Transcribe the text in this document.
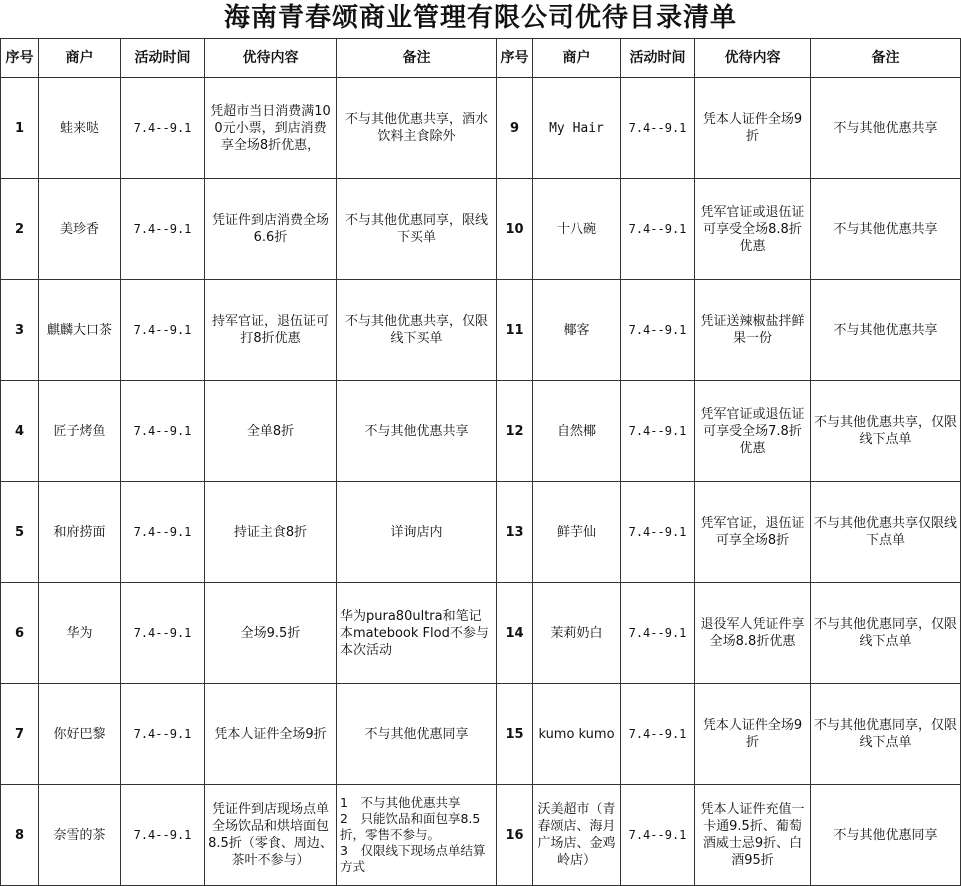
海南青春颂商业管理有限公司优待目录清单
序号	商户	活动时间	优待内容	备注	序号	商户	活动时间	优待内容	备注
1	蛙来哒	7.4--9.1	凭超市当日消费满100元小票，到店消费享全场8折优惠，	不与其他优惠共享，酒水饮料主食除外	9	My Hair	7.4--9.1	凭本人证件全场9折	不与其他优惠共享
2	美珍香	7.4--9.1	凭证件到店消费全场6.6折	不与其他优惠同享，限线下买单	10	十八碗	7.4--9.1	凭军官证或退伍证可享受全场8.8折优惠	不与其他优惠共享
3	麒麟大口茶	7.4--9.1	持军官证，退伍证可打8折优惠	不与其他优惠共享，仅限线下买单	11	椰客	7.4--9.1	凭证送辣椒盐拌鲜果一份	不与其他优惠共享
4	匠子烤鱼	7.4--9.1	全单8折	不与其他优惠共享	12	自然椰	7.4--9.1	凭军官证或退伍证可享受全场7.8折优惠	不与其他优惠共享，仅限线下点单
5	和府捞面	7.4--9.1	持证主食8折	详询店内	13	鲜芋仙	7.4--9.1	凭军官证，退伍证可享全场8折	不与其他优惠共享仅限线下点单
6	华为	7.4--9.1	全场9.5折	华为pura80ultra和笔记本matebook Flod不参与本次活动	14	茉莉奶白	7.4--9.1	退役军人凭证件享全场8.8折优惠	不与其他优惠同享，仅限线下点单
7	你好巴黎	7.4--9.1	凭本人证件全场9折	不与其他优惠同享	15	kumo kumo	7.4--9.1	凭本人证件全场9折	不与其他优惠同享，仅限线下点单
8	奈雪的茶	7.4--9.1	凭证件到店现场点单全场饮品和烘培面包8.5折（零食、周边、茶叶不参与）	1　不与其他优惠共享
2　只能饮品和面包享8.5折，零售不参与。
3　仅限线下现场点单结算方式	16	沃美超市（青春颂店、海月广场店、金鸡岭店）	7.4--9.1	凭本人证件充值一卡通9.5折、葡萄酒威士忌9折、白酒95折	不与其他优惠同享
